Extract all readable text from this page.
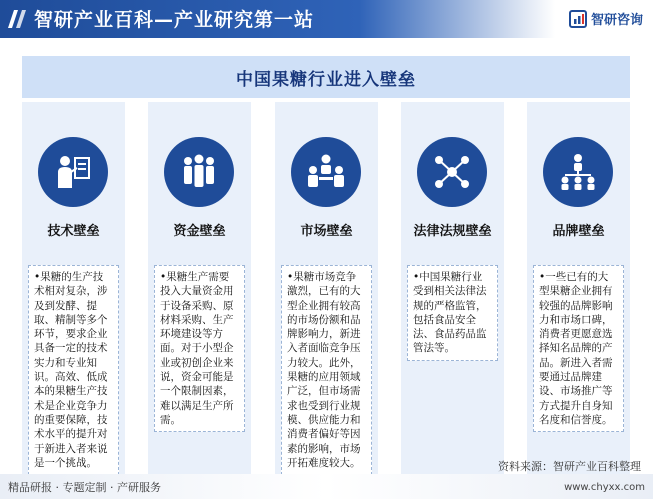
智研产业百科—产业研究第一站	智研咨询
中国果糖行业进入壁垒
技术壁垒
•果糖的生产技术相对复杂，涉及到发酵、提取、精制等多个环节，要求企业具备一定的技术实力和专业知识。高效、低成本的果糖生产技术是企业竞争力的重要保障，技术水平的提升对于新进入者来说是一个挑战。
资金壁垒
•果糖生产需要投入大量资金用于设备采购、原材料采购、生产环境建设等方面。对于小型企业或初创企业来说，资金可能是一个限制因素，难以满足生产所需。
市场壁垒
•果糖市场竞争激烈，已有的大型企业拥有较高的市场份额和品牌影响力，新进入者面临竞争压力较大。此外，果糖的应用领域广泛，但市场需求也受到行业规模、供应能力和消费者偏好等因素的影响，市场开拓难度较大。
法律法规壁垒
•中国果糖行业受到相关法律法规的严格监管，包括食品安全法、食品药品监管法等。
品牌壁垒
•一些已有的大型果糖企业拥有较强的品牌影响力和市场口碑，消费者更愿意选择知名品牌的产品。新进入者需要通过品牌建设、市场推广等方式提升自身知名度和信誉度。
资料来源：智研产业百科整理
精品研报 · 专题定制 · 产研服务	www.chyxx.com
